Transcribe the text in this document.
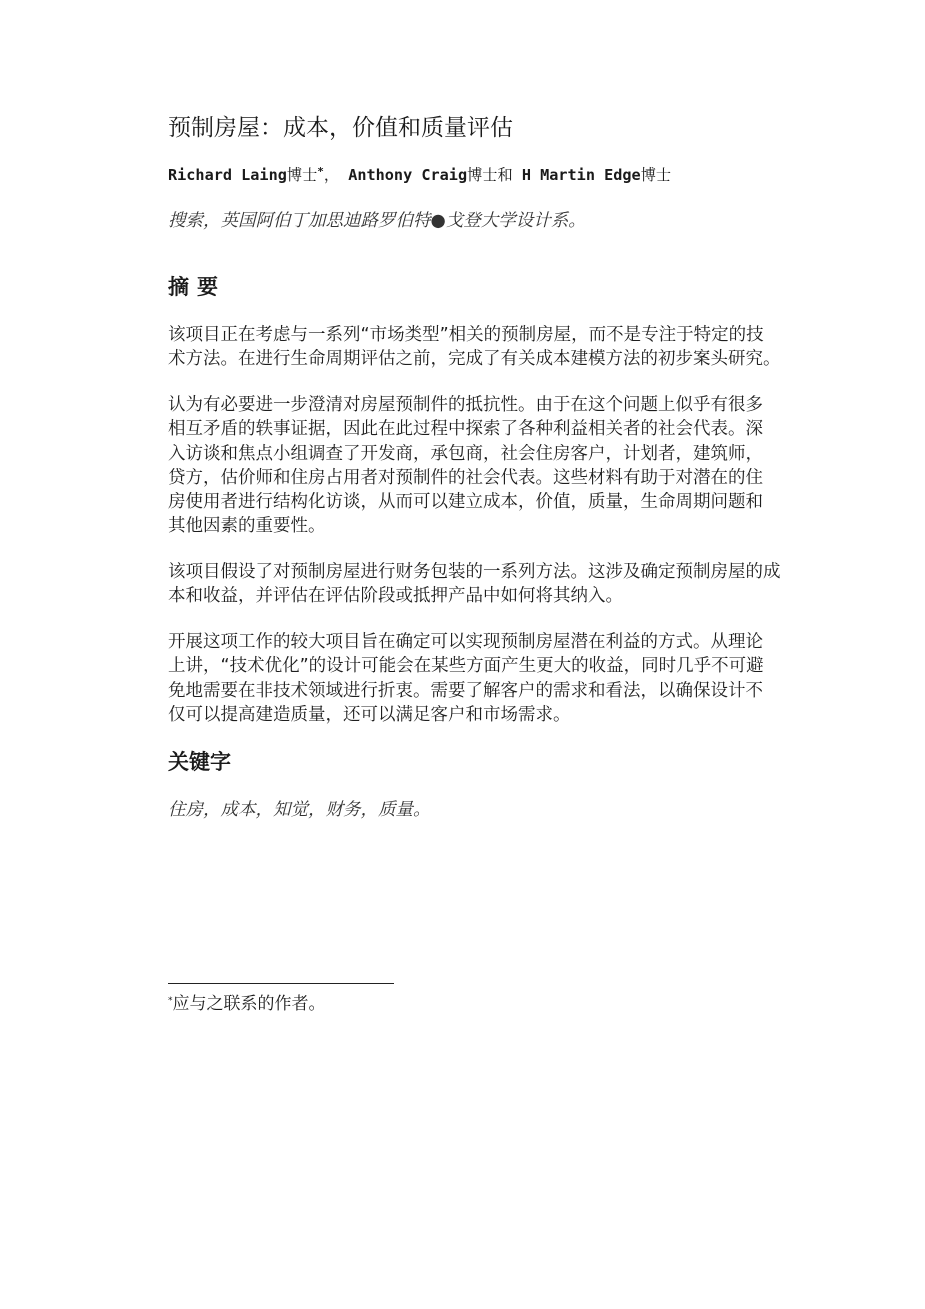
预制房屋：成本，价值和质量评估
Richard Laing博士*， Anthony Craig博士和 H Martin Edge博士
搜索，英国阿伯丁加思迪路罗伯特●戈登大学设计系。
摘要

该项目正在考虑与一系列“市场类型”相关的预制房屋，而不是专注于特定的技
术方法。在进行生命周期评估之前，完成了有关成本建模方法的初步案头研究。

认为有必要进一步澄清对房屋预制件的抵抗性。由于在这个问题上似乎有很多
相互矛盾的轶事证据，因此在此过程中探索了各种利益相关者的社会代表。深
入访谈和焦点小组调查了开发商，承包商，社会住房客户，计划者，建筑师，
贷方，估价师和住房占用者对预制件的社会代表。这些材料有助于对潜在的住
房使用者进行结构化访谈，从而可以建立成本，价值，质量，生命周期问题和
其他因素的重要性。

该项目假设了对预制房屋进行财务包装的一系列方法。这涉及确定预制房屋的成
本和收益，并评估在评估阶段或抵押产品中如何将其纳入。

开展这项工作的较大项目旨在确定可以实现预制房屋潜在利益的方式。从理论
上讲，“技术优化”的设计可能会在某些方面产生更大的收益，同时几乎不可避
免地需要在非技术领域进行折衷。需要了解客户的需求和看法，以确保设计不
仅可以提高建造质量，还可以满足客户和市场需求。

关键字
住房，成本，知觉，财务，质量。
*应与之联系的作者。
